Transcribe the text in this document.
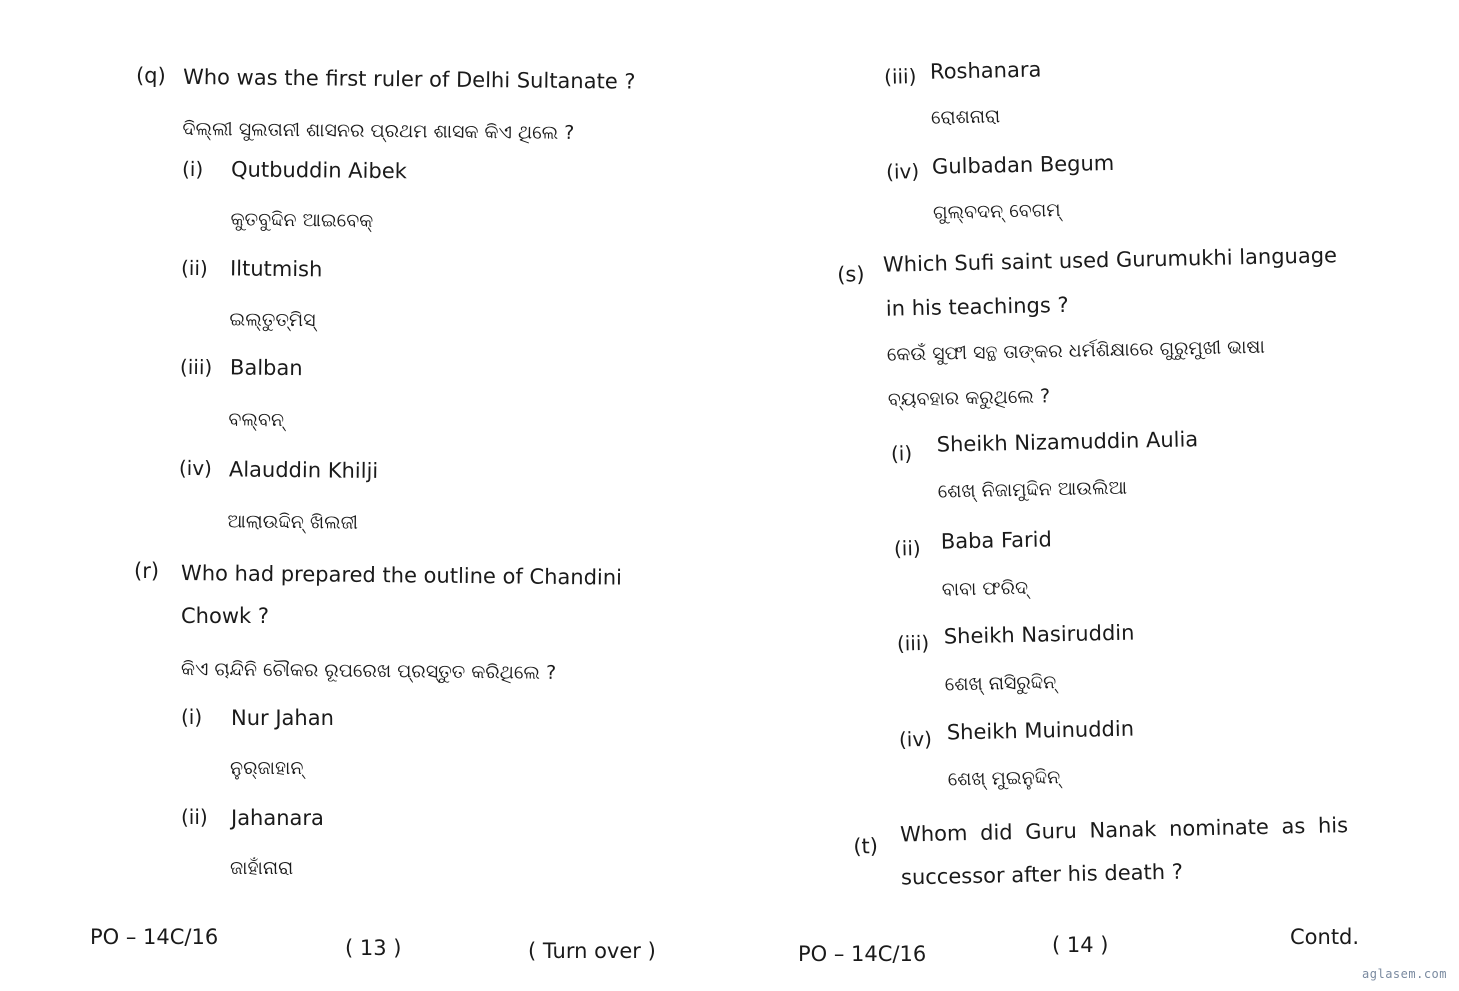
(q) Who was the first ruler of Delhi Sultanate ?
ଦିଲ୍ଲୀ ସୁଲତାନୀ ଶାସନର ପ୍ରଥମ ଶାସକ କିଏ ଥିଲେ ?
(i) Qutbuddin Aibek
କୁତବୁଦ୍ଦିନ ଆଇବେକ୍
(ii) Iltutmish
ଇଲ୍‌ତୁତ୍‌ମିସ୍
(iii) Balban
ବଲ୍‌ବନ୍
(iv) Alauddin Khilji
ଆଲାଉଦ୍ଦିନ୍ ଖିଲଜୀ
(r) Who had prepared the outline of Chandini
Chowk ?
କିଏ ଚାନ୍ଦିନି ଚୌକର ରୂପରେଖ ପ୍ରସ୍ତୁତ କରିଥିଲେ ?
(i) Nur Jahan
ନୁର୍‌ଜାହାନ୍
(ii) Jahanara
ଜାହାଁନାରା
PO – 14C/16	( 13 )	( Turn over )
(iii) Roshanara
ରୋଶନାରା
(iv) Gulbadan Begum
ଗୁଲ୍‌ବଦନ୍ ବେଗମ୍
(s) Which Sufi saint used Gurumukhi language
in his teachings ?
କେଉଁ ସୁଫୀ ସନ୍ଥ ତାଙ୍କର ଧର୍ମଶିକ୍ଷାରେ ଗୁରୁମୁଖୀ ଭାଷା
ବ୍ୟବହାର କରୁଥିଲେ ?
(i) Sheikh Nizamuddin Aulia
ଶେଖ୍ ନିଜାମୁଦ୍ଦିନ ଆଉଲିଆ
(ii) Baba Farid
ବାବା ଫରିଦ୍
(iii) Sheikh Nasiruddin
ଶେଖ୍ ନାସିରୁଦ୍ଦିନ୍
(iv) Sheikh Muinuddin
ଶେଖ୍ ମୁଇନୁଦ୍ଦିନ୍
(t) Whom did Guru Nanak nominate as his
successor after his death ?
PO – 14C/16	( 14 )	Contd.
aglasem.com
